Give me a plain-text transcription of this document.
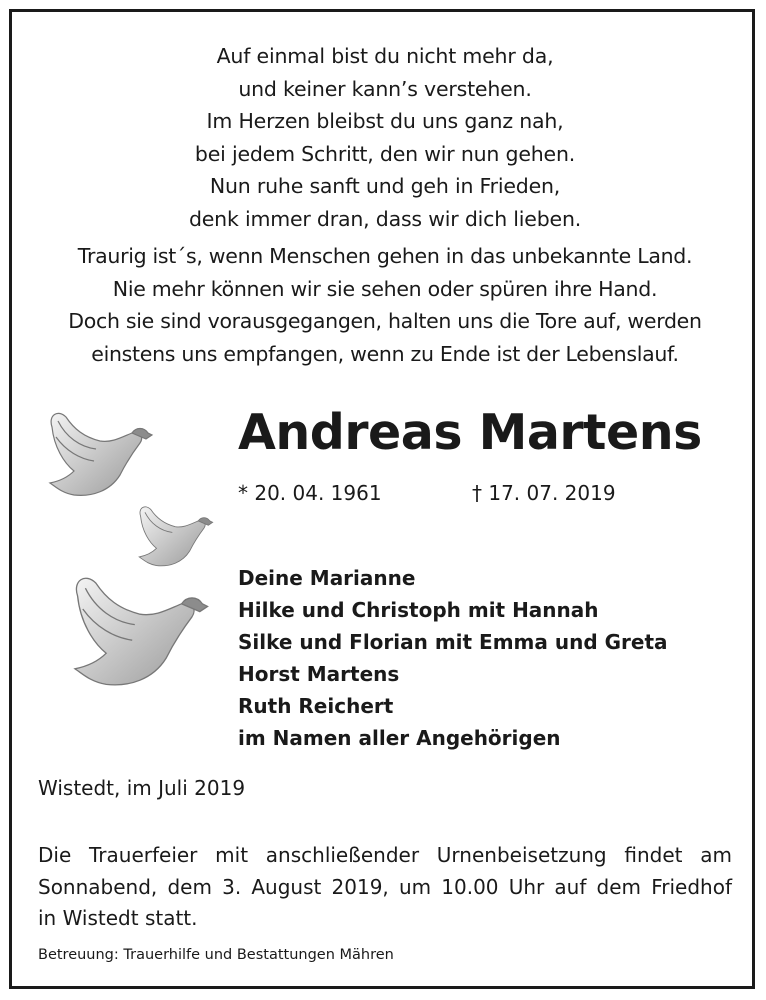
Auf einmal bist du nicht mehr da,
und keiner kann’s verstehen.
Im Herzen bleibst du uns ganz nah,
bei jedem Schritt, den wir nun gehen.
Nun ruhe sanft und geh in Frieden,
denk immer dran, dass wir dich lieben.
Traurig ist´s, wenn Menschen gehen in das unbekannte Land.
Nie mehr können wir sie sehen oder spüren ihre Hand.
Doch sie sind vorausgegangen, halten uns die Tore auf, werden
einstens uns empfangen, wenn zu Ende ist der Lebenslauf.
Andreas Martens
* 20. 04. 1961	† 17. 07. 2019
Deine Marianne
Hilke und Christoph mit Hannah
Silke und Florian mit Emma und Greta
Horst Martens
Ruth Reichert
im Namen aller Angehörigen
Wistedt, im Juli 2019
Die Trauerfeier mit anschließender Urnenbeisetzung findet am
Sonnabend, dem 3. August 2019, um 10.00 Uhr auf dem Friedhof
in Wistedt statt.
Betreuung: Trauerhilfe und Bestattungen Mähren
